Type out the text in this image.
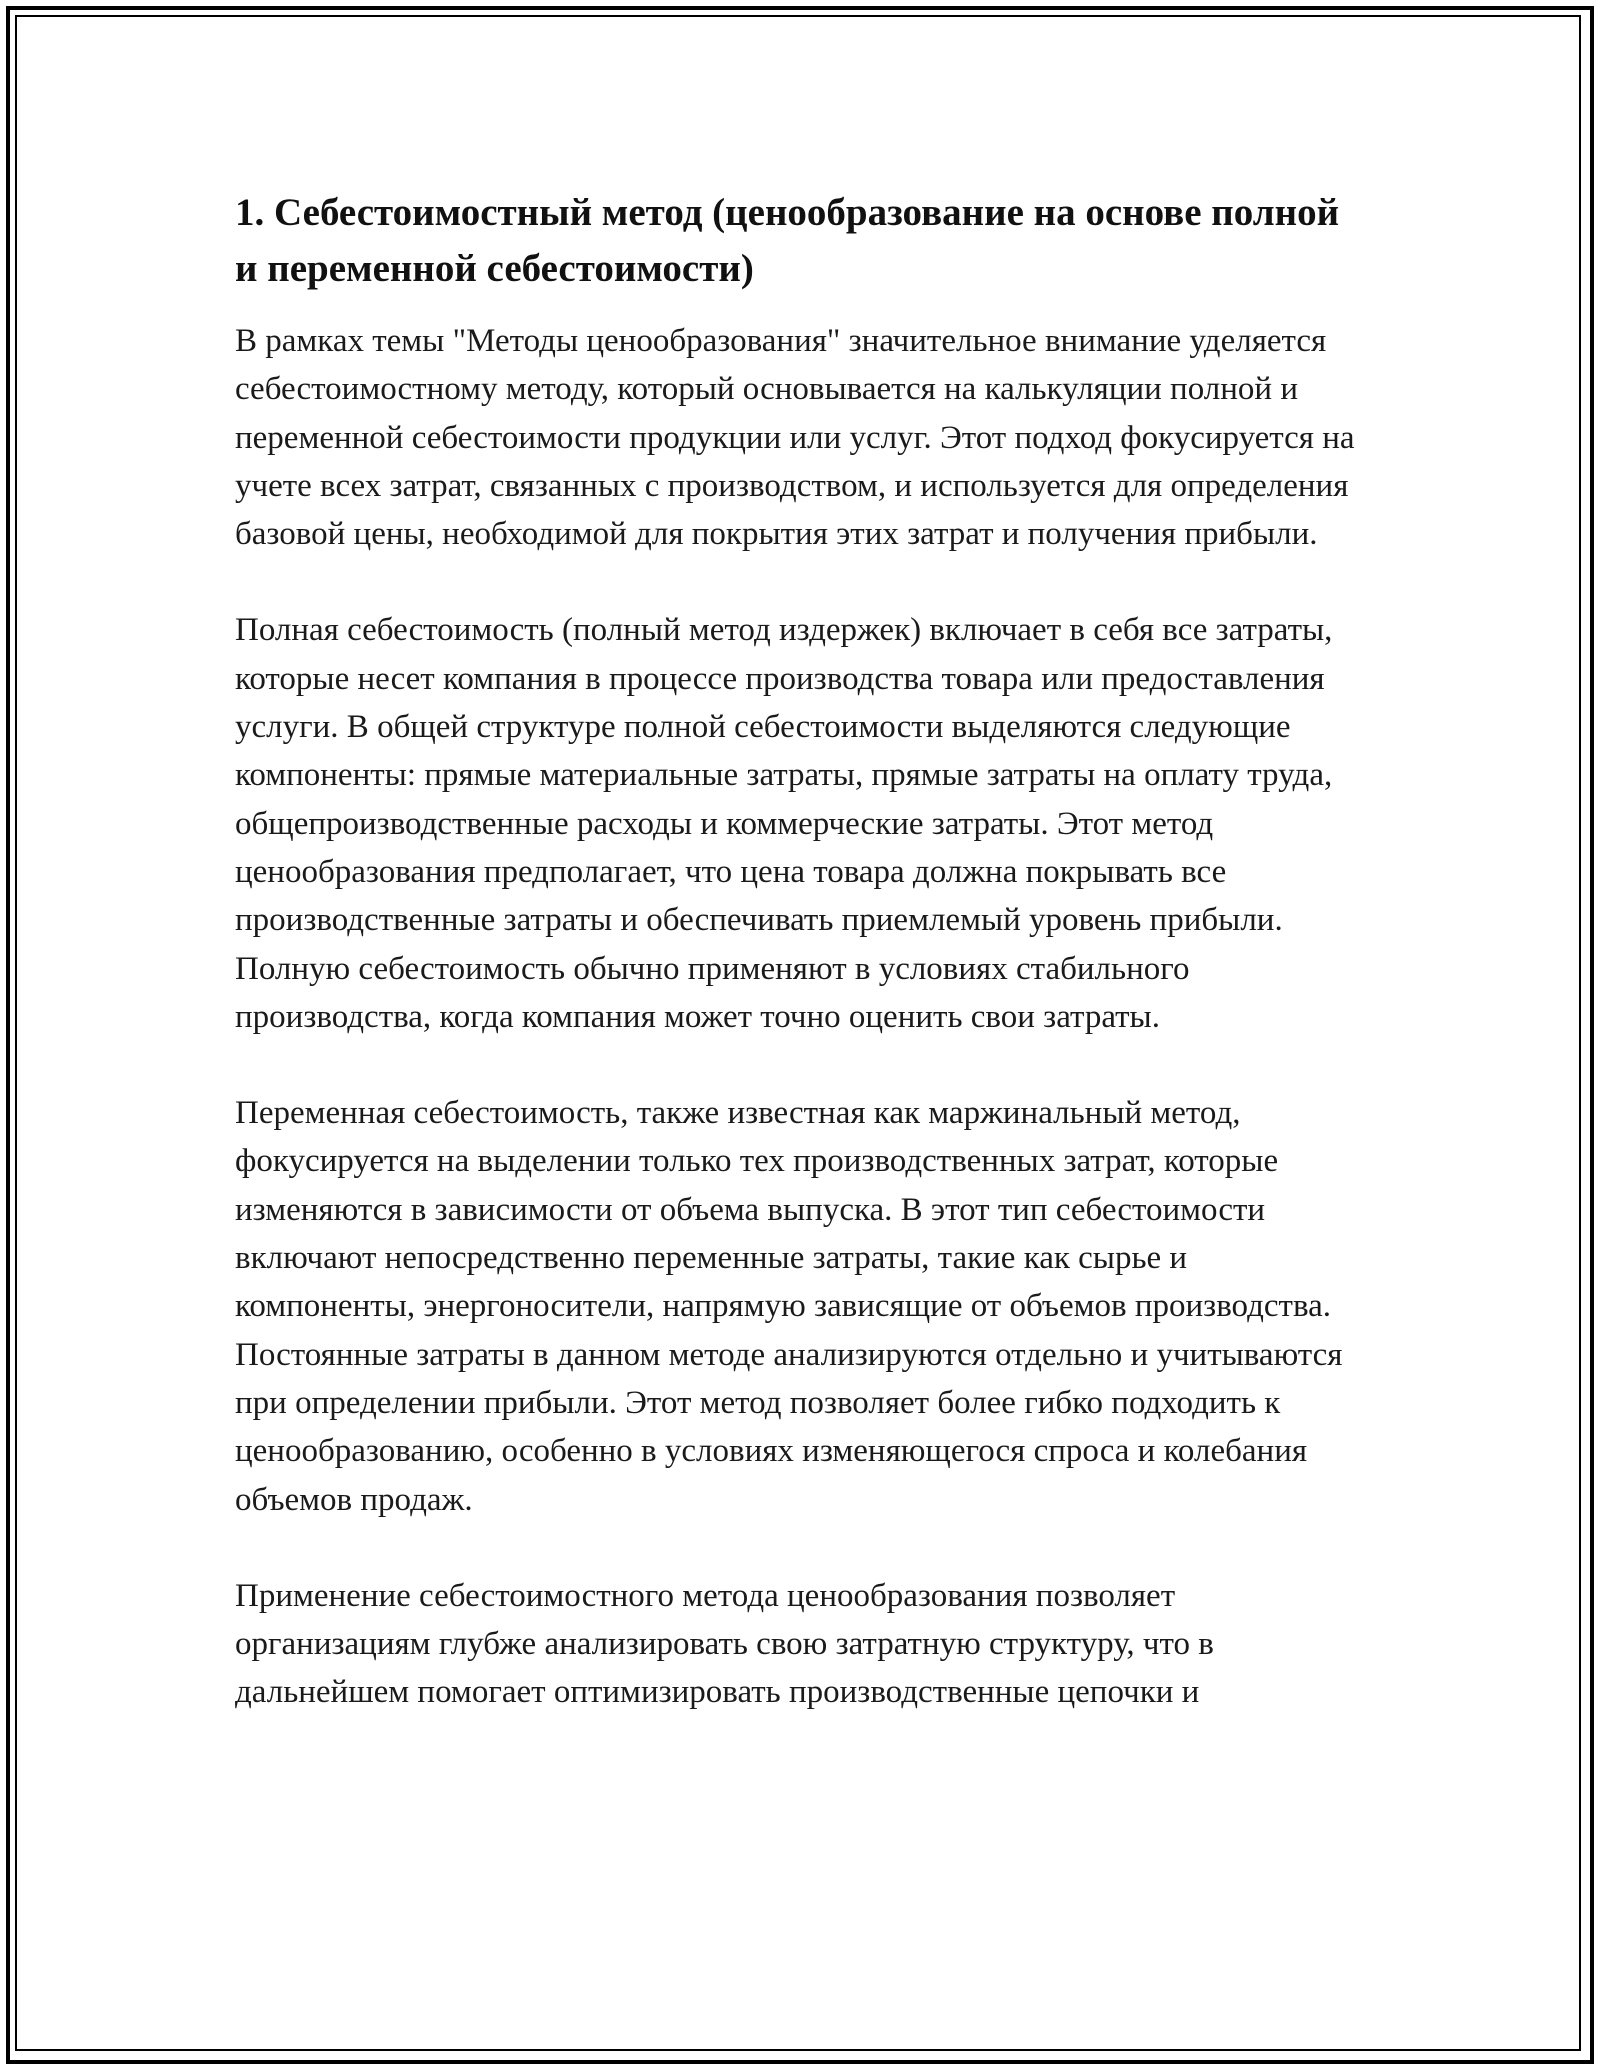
1. Себестоимостный метод (ценообразование на основе полной и переменной себестоимости)

В рамках темы "Методы ценообразования" значительное внимание уделяется себестоимостному методу, который основывается на калькуляции полной и переменной себестоимости продукции или услуг. Этот подход фокусируется на учете всех затрат, связанных с производством, и используется для определения базовой цены, необходимой для покрытия этих затрат и получения прибыли.

Полная себестоимость (полный метод издержек) включает в себя все затраты, которые несет компания в процессе производства товара или предоставления услуги. В общей структуре полной себестоимости выделяются следующие компоненты: прямые материальные затраты, прямые затраты на оплату труда, общепроизводственные расходы и коммерческие затраты. Этот метод ценообразования предполагает, что цена товара должна покрывать все производственные затраты и обеспечивать приемлемый уровень прибыли. Полную себестоимость обычно применяют в условиях стабильного производства, когда компания может точно оценить свои затраты.

Переменная себестоимость, также известная как маржинальный метод, фокусируется на выделении только тех производственных затрат, которые изменяются в зависимости от объема выпуска. В этот тип себестоимости включают непосредственно переменные затраты, такие как сырье и компоненты, энергоносители, напрямую зависящие от объемов производства. Постоянные затраты в данном методе анализируются отдельно и учитываются при определении прибыли. Этот метод позволяет более гибко подходить к ценообразованию, особенно в условиях изменяющегося спроса и колебания объемов продаж.

Применение себестоимостного метода ценообразования позволяет организациям глубже анализировать свою затратную структуру, что в дальнейшем помогает оптимизировать производственные цепочки и
